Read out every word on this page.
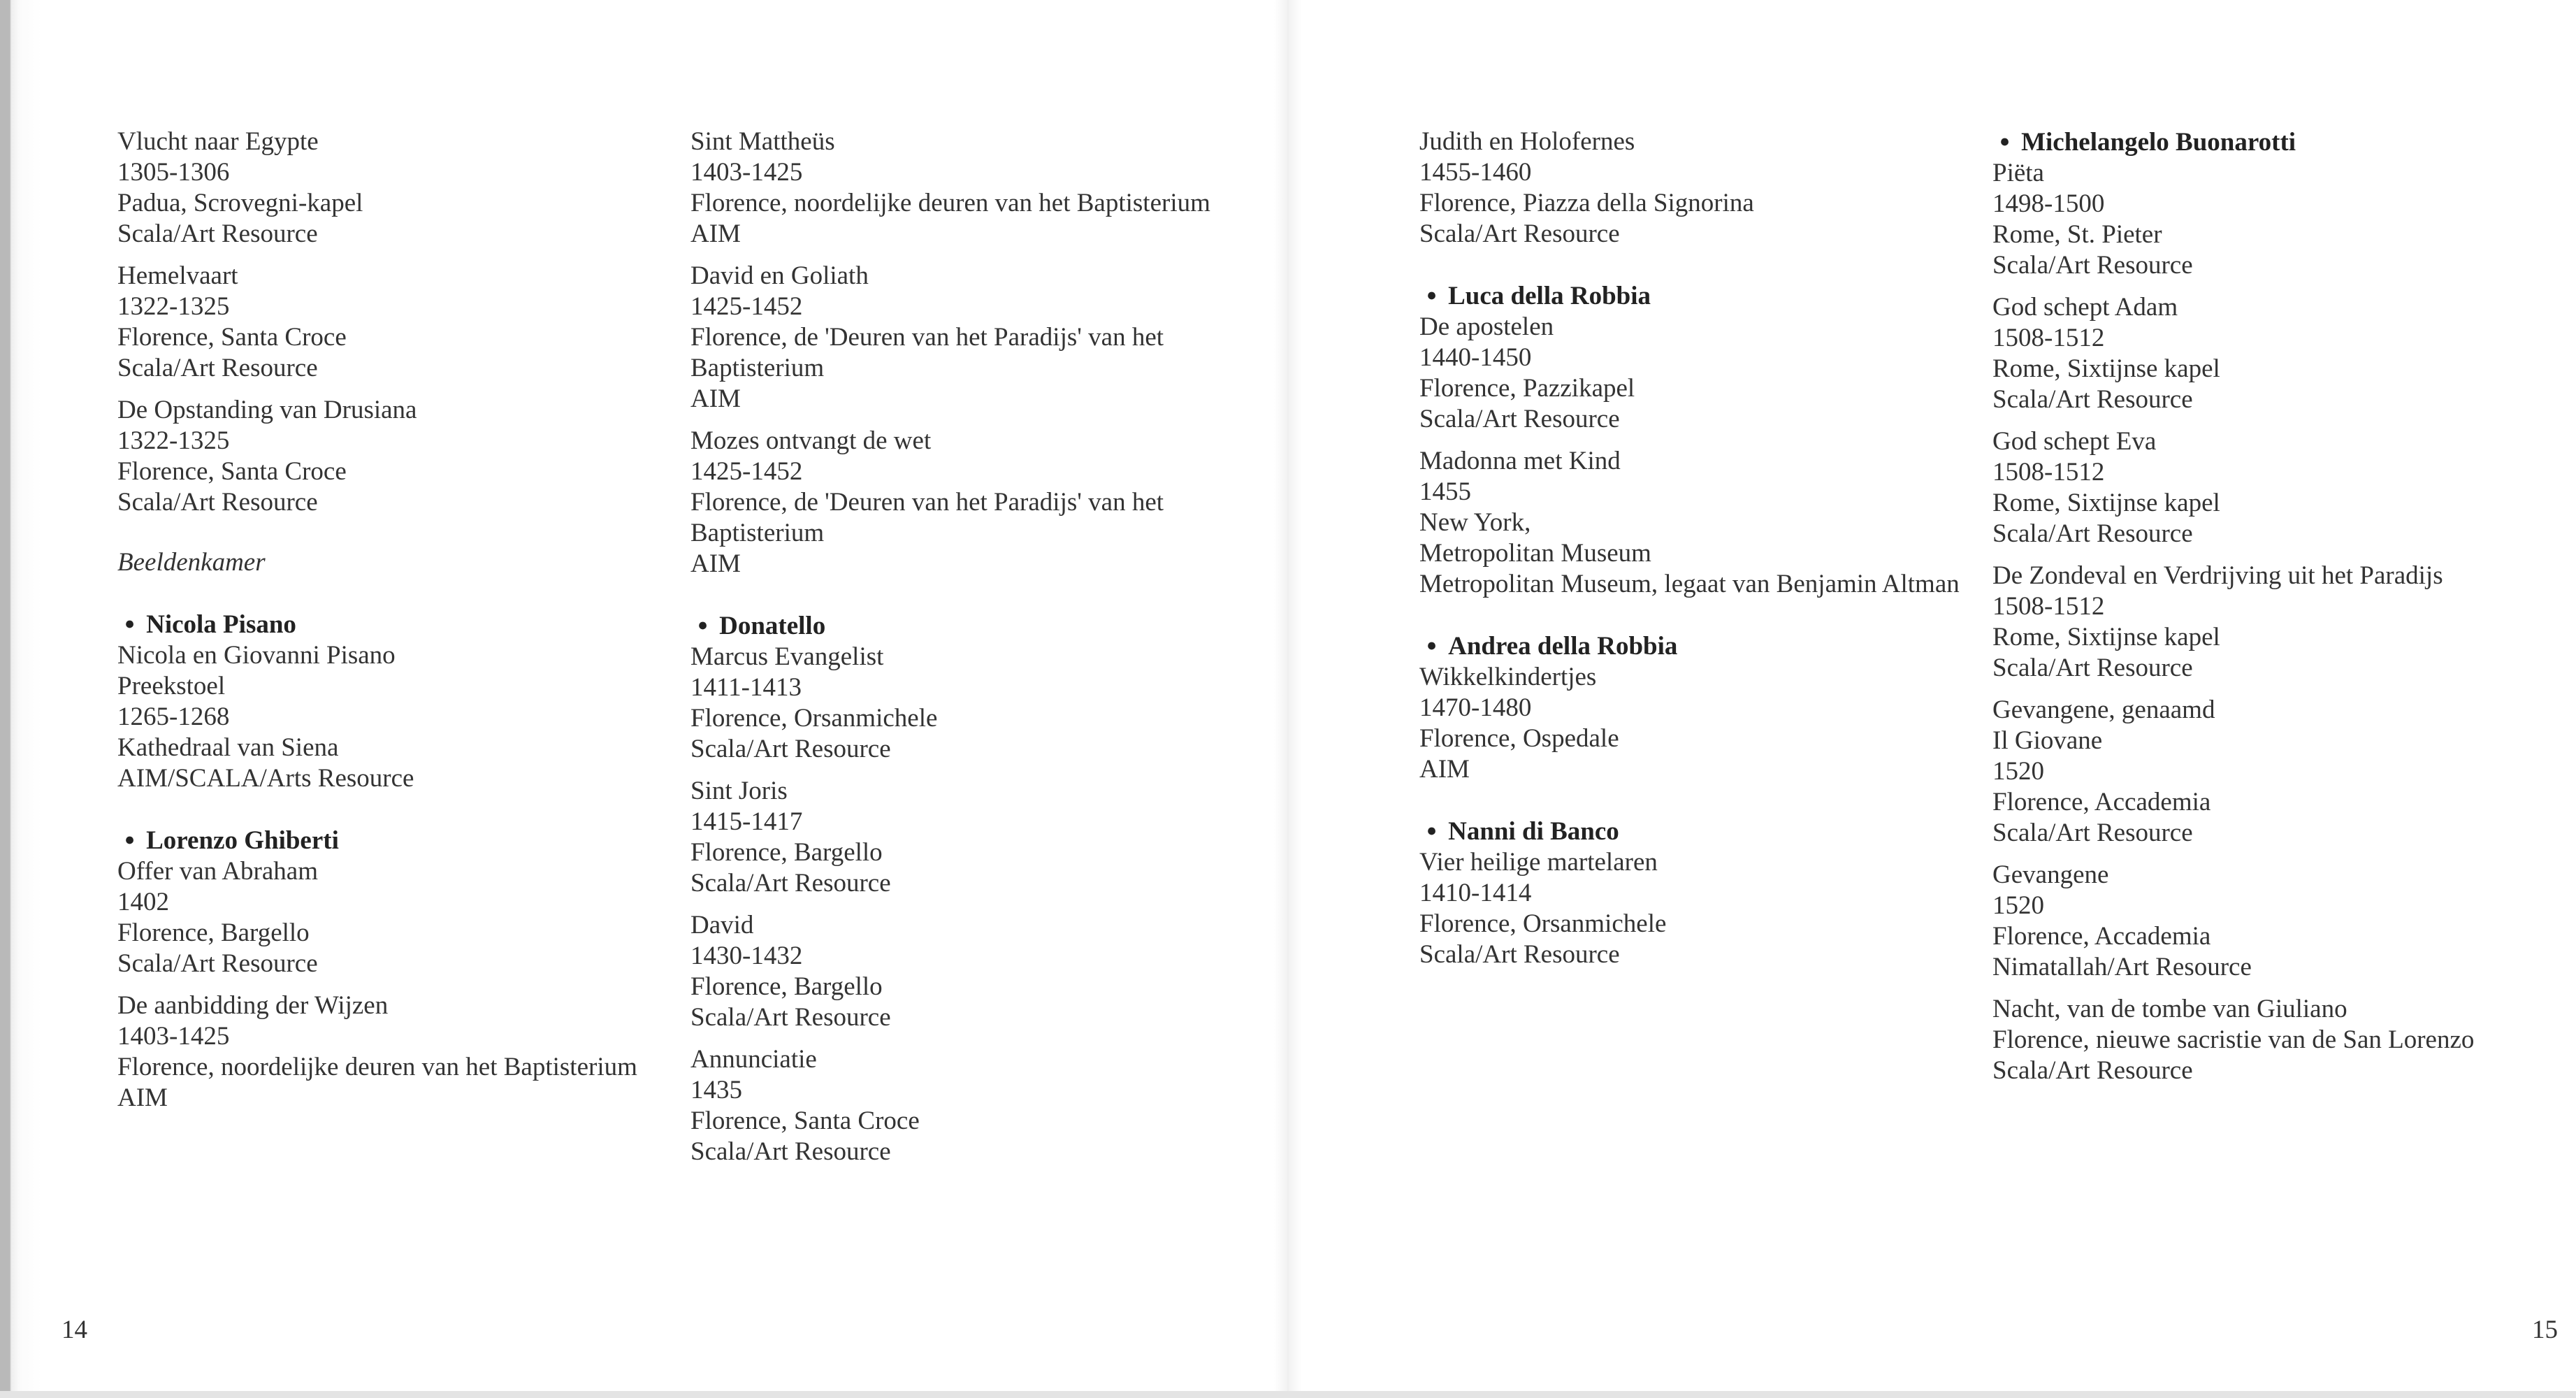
Vlucht naar Egypte
1305-1306
Padua, Scrovegni-kapel
Scala/Art Resource
Hemelvaart
1322-1325
Florence, Santa Croce
Scala/Art Resource
De Opstanding van Drusiana
1322-1325
Florence, Santa Croce
Scala/Art Resource
Beeldenkamer
● Nicola Pisano
Nicola en Giovanni Pisano
Preekstoel
1265-1268
Kathedraal van Siena
AIM/SCALA/Arts Resource
● Lorenzo Ghiberti
Offer van Abraham
1402
Florence, Bargello
Scala/Art Resource
De aanbidding der Wijzen
1403-1425
Florence, noordelijke deuren van het Baptisterium
AIM
Sint Mattheüs
1403-1425
Florence, noordelijke deuren van het Baptisterium
AIM
David en Goliath
1425-1452
Florence, de 'Deuren van het Paradijs' van het Baptisterium
AIM
Mozes ontvangt de wet
1425-1452
Florence, de 'Deuren van het Paradijs' van het Baptisterium
AIM
● Donatello
Marcus Evangelist
1411-1413
Florence, Orsanmichele
Scala/Art Resource
Sint Joris
1415-1417
Florence, Bargello
Scala/Art Resource
David
1430-1432
Florence, Bargello
Scala/Art Resource
Annunciatie
1435
Florence, Santa Croce
Scala/Art Resource
14
Judith en Holofernes
1455-1460
Florence, Piazza della Signorina
Scala/Art Resource
● Luca della Robbia
De apostelen
1440-1450
Florence, Pazzikapel
Scala/Art Resource
Madonna met Kind
1455
New York,
Metropolitan Museum
Metropolitan Museum, legaat van Benjamin Altman
● Andrea della Robbia
Wikkelkindertjes
1470-1480
Florence, Ospedale
AIM
● Nanni di Banco
Vier heilige martelaren
1410-1414
Florence, Orsanmichele
Scala/Art Resource
● Michelangelo Buonarotti
Piëta
1498-1500
Rome, St. Pieter
Scala/Art Resource
God schept Adam
1508-1512
Rome, Sixtijnse kapel
Scala/Art Resource
God schept Eva
1508-1512
Rome, Sixtijnse kapel
Scala/Art Resource
De Zondeval en Verdrijving uit het Paradijs
1508-1512
Rome, Sixtijnse kapel
Scala/Art Resource
Gevangene, genaamd
Il Giovane
1520
Florence, Accademia
Scala/Art Resource
Gevangene
1520
Florence, Accademia
Nimatallah/Art Resource
Nacht, van de tombe van Giuliano
Florence, nieuwe sacristie van de San Lorenzo
Scala/Art Resource
15
